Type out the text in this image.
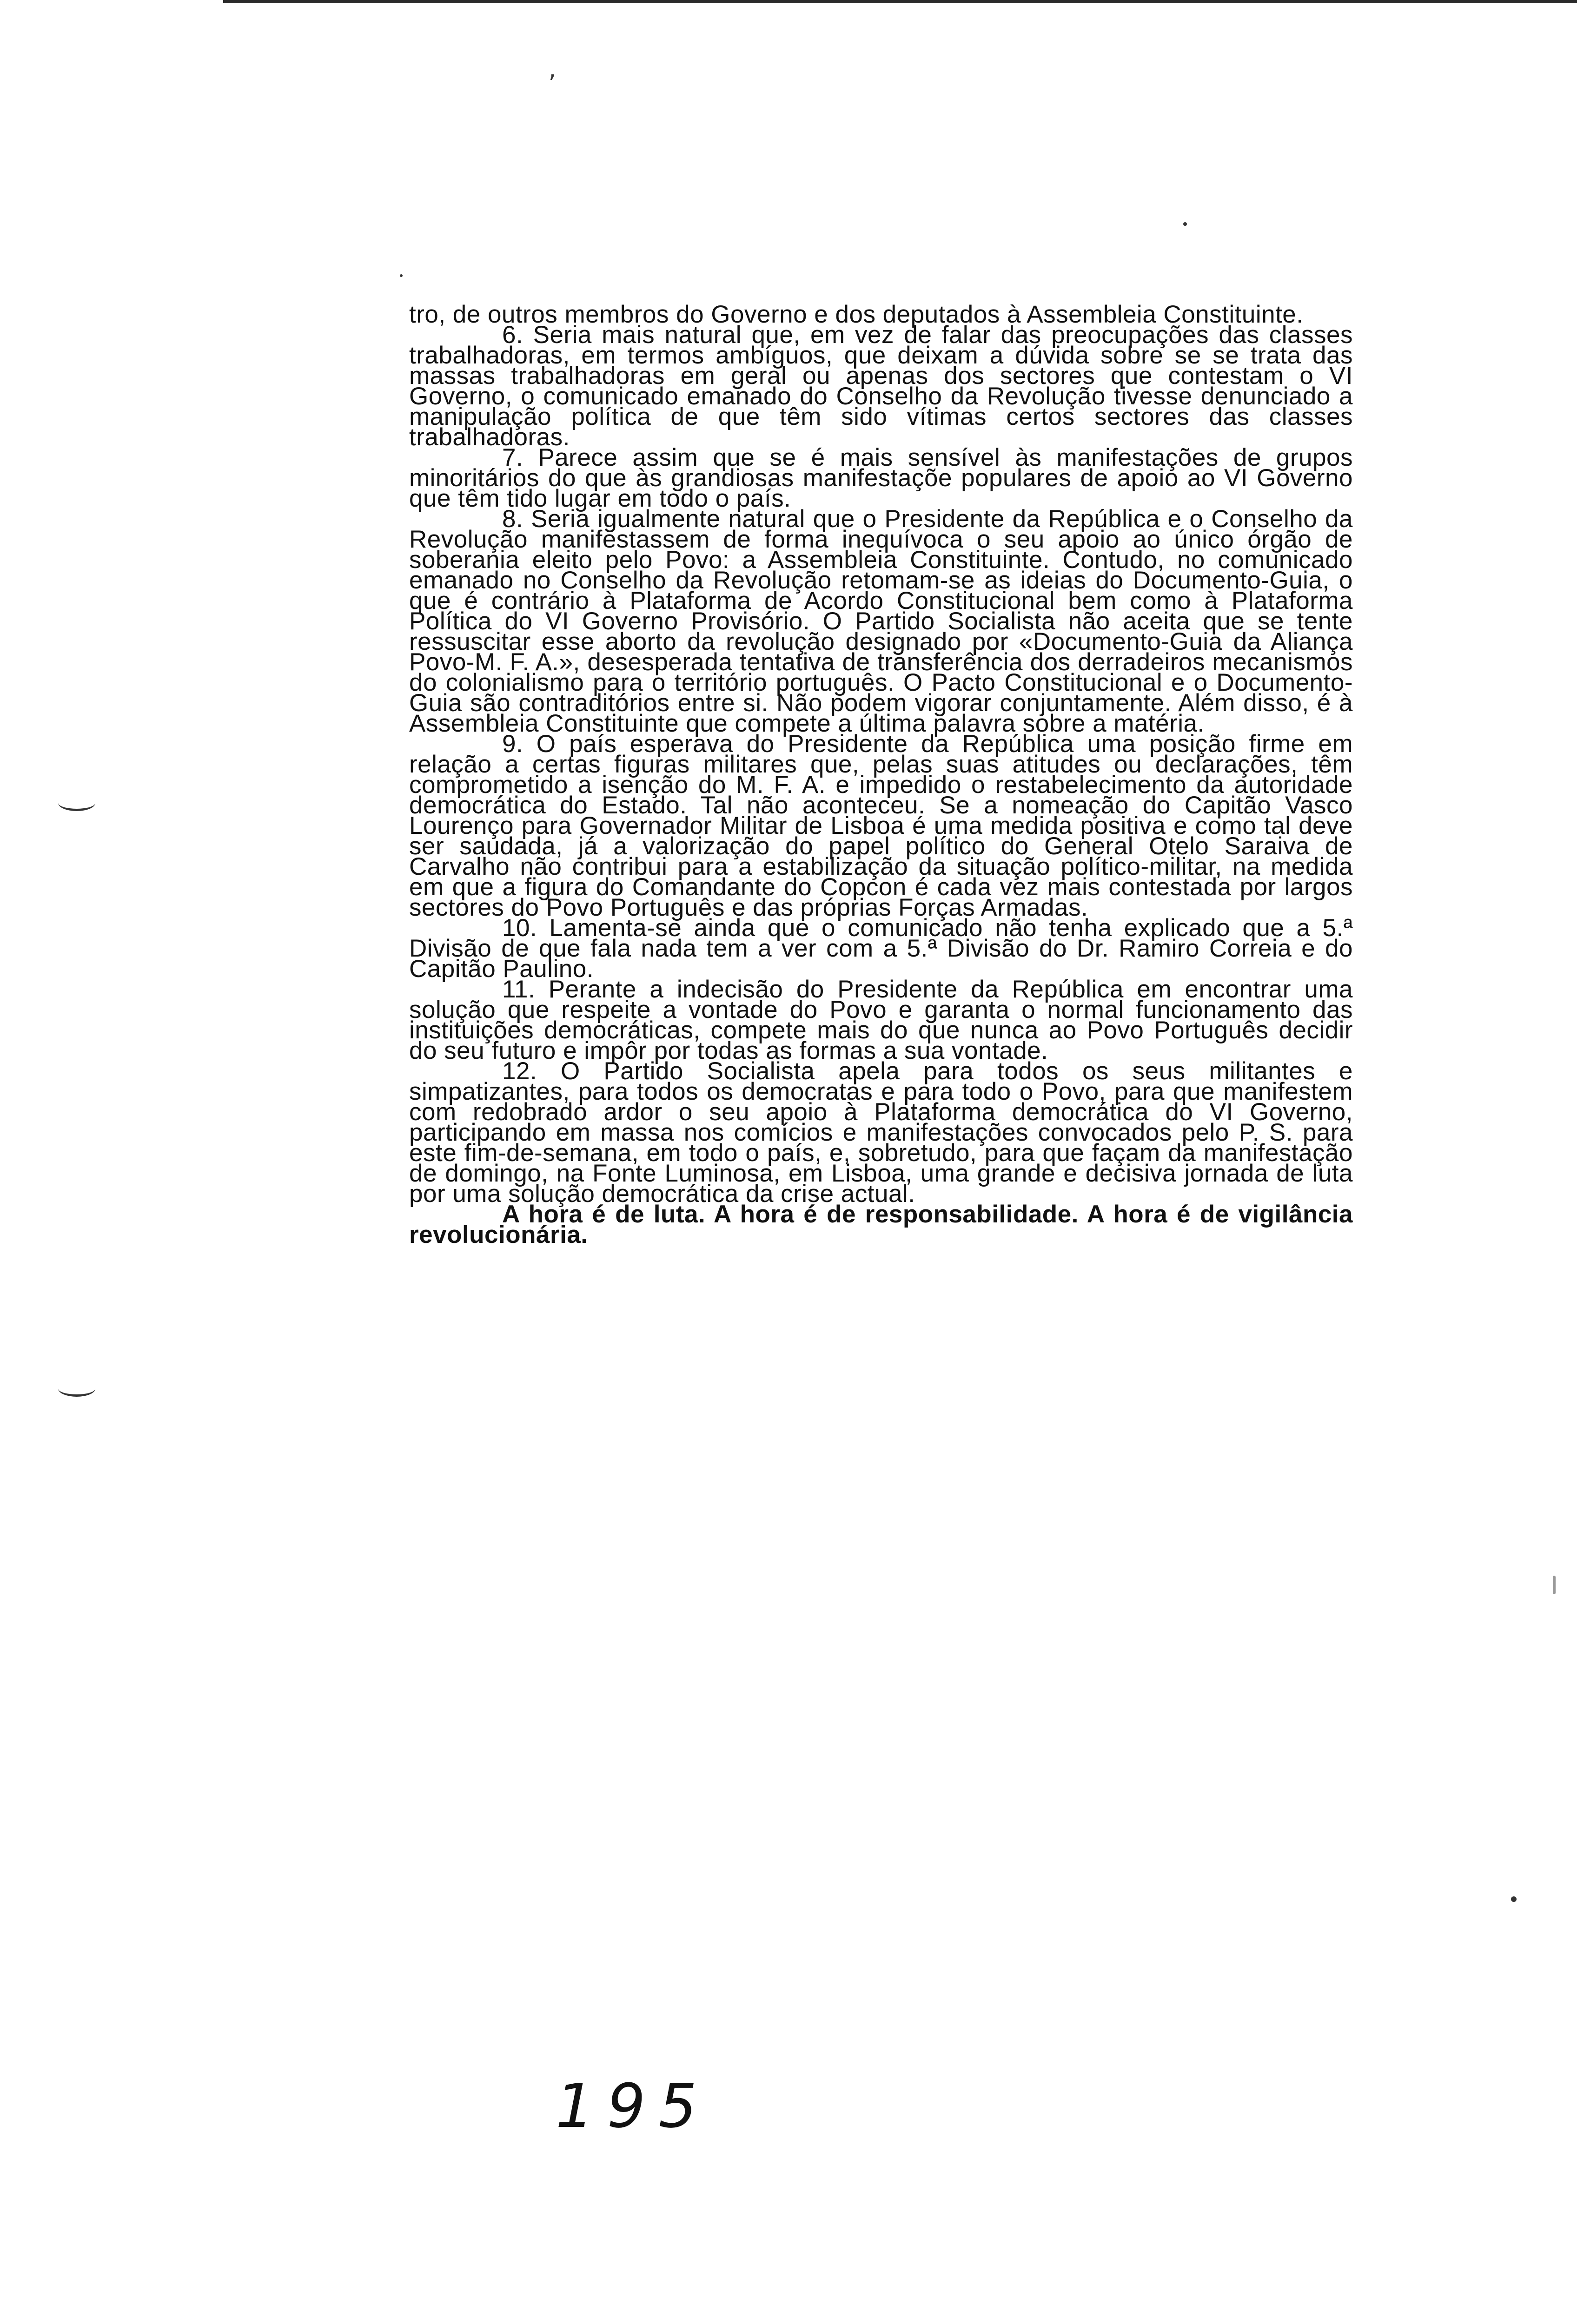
,

tro, de outros membros do Governo e dos deputados à Assembleia Constituinte.

6. Seria mais natural que, em vez de falar das preocupações das classes trabalhadoras, em termos ambíguos, que deixam a dúvida sobre se se trata das massas trabalhadoras em geral ou apenas dos sectores que contestam o VI Governo, o comunicado emanado do Conselho da Revolução tivesse denunciado a manipulação política de que têm sido vítimas certos sectores das classes trabalhadoras.

7. Parece assim que se é mais sensível às manifestações de grupos minoritários do que às grandiosas manifestaçõe populares de apoio ao VI Governo que têm tido lugar em todo o país.

8. Seria igualmente natural que o Presidente da República e o Conselho da Revolução manifestassem de forma inequívoca o seu apoio ao único órgão de soberania eleito pelo Povo: a Assembleia Constituinte. Contudo, no comunicado emanado no Conselho da Revolução retomam-se as ideias do Documento-Guia, o que é contrário à Plataforma de Acordo Constitucional bem como à Plataforma Política do VI Governo Provisório. O Partido Socialista não aceita que se tente ressuscitar esse aborto da revolução designado por «Documento-Guia da Aliança Povo-M. F. A.», desesperada tentativa de transferência dos derradeiros mecanismos do colonialismo para o território português. O Pacto Constitucional e o Documento-Guia são contraditórios entre si. Não podem vigorar conjuntamente. Além disso, é à Assembleia Constituinte que compete a última palavra sobre a matéria.

9. O país esperava do Presidente da República uma posição firme em relação a certas figuras militares que, pelas suas atitudes ou declarações, têm comprometido a isenção do M. F. A. e impedido o restabelecimento da autoridade democrática do Estado. Tal não aconteceu. Se a nomeação do Capitão Vasco Lourenço para Governador Militar de Lisboa é uma medida positiva e como tal deve ser saudada, já a valorização do papel político do General Otelo Saraiva de Carvalho não contribui para a estabilização da situação político-militar, na medida em que a figura do Comandante do Copcon é cada vez mais contestada por largos sectores do Povo Português e das próprias Forças Armadas.

10. Lamenta-se ainda que o comunicado não tenha explicado que a 5.ª Divisão de que fala nada tem a ver com a 5.ª Divisão do Dr. Ramiro Correia e do Capitão Paulino.

11. Perante a indecisão do Presidente da República em encontrar uma solução que respeite a vontade do Povo e garanta o normal funcionamento das instituições democráticas, compete mais do que nunca ao Povo Português decidir do seu futuro e impôr por todas as formas a sua vontade.

12. O Partido Socialista apela para todos os seus militantes e simpatizantes, para todos os democratas e para todo o Povo, para que manifestem com redobrado ardor o seu apoio à Plataforma democrática do VI Governo, participando em massa nos comícios e manifestações convocados pelo P. S. para este fim-de-semana, em todo o país, e, sobretudo, para que façam da manifestação de domingo, na Fonte Luminosa, em Lisboa, uma grande e decisiva jornada de luta por uma solução democrática da crise actual.

A hora é de luta. A hora é de responsabilidade. A hora é de vigilância revolucionária.

195
